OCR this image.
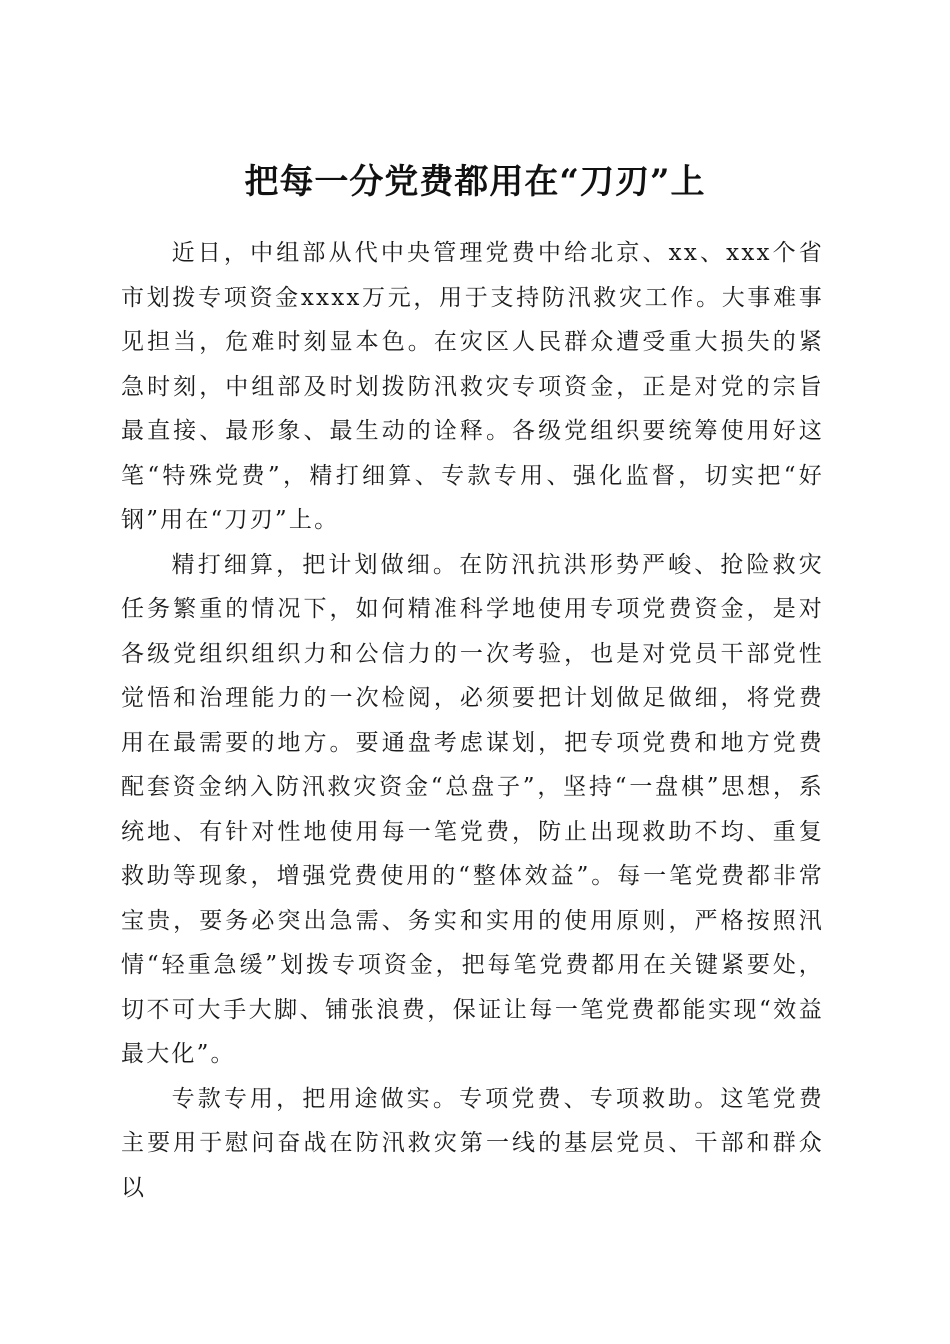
把每一分党费都用在“刀刃”上

近日，中组部从代中央管理党费中给北京、xx、xxx个省市划拨专项资金xxxx万元，用于支持防汛救灾工作。大事难事见担当，危难时刻显本色。在灾区人民群众遭受重大损失的紧急时刻，中组部及时划拨防汛救灾专项资金，正是对党的宗旨最直接、最形象、最生动的诠释。各级党组织要统筹使用好这笔“特殊党费”，精打细算、专款专用、强化监督，切实把“好钢”用在“刀刃”上。

精打细算，把计划做细。在防汛抗洪形势严峻、抢险救灾任务繁重的情况下，如何精准科学地使用专项党费资金，是对各级党组织组织力和公信力的一次考验，也是对党员干部党性觉悟和治理能力的一次检阅，必须要把计划做足做细，将党费用在最需要的地方。要通盘考虑谋划，把专项党费和地方党费配套资金纳入防汛救灾资金“总盘子”，坚持“一盘棋”思想，系统地、有针对性地使用每一笔党费，防止出现救助不均、重复救助等现象，增强党费使用的“整体效益”。每一笔党费都非常宝贵，要务必突出急需、务实和实用的使用原则，严格按照汛情“轻重急缓”划拨专项资金，把每笔党费都用在关键紧要处，切不可大手大脚、铺张浪费，保证让每一笔党费都能实现“效益最大化”。

专款专用，把用途做实。专项党费、专项救助。这笔党费主要用于慰问奋战在防汛救灾第一线的基层党员、干部和群众以
